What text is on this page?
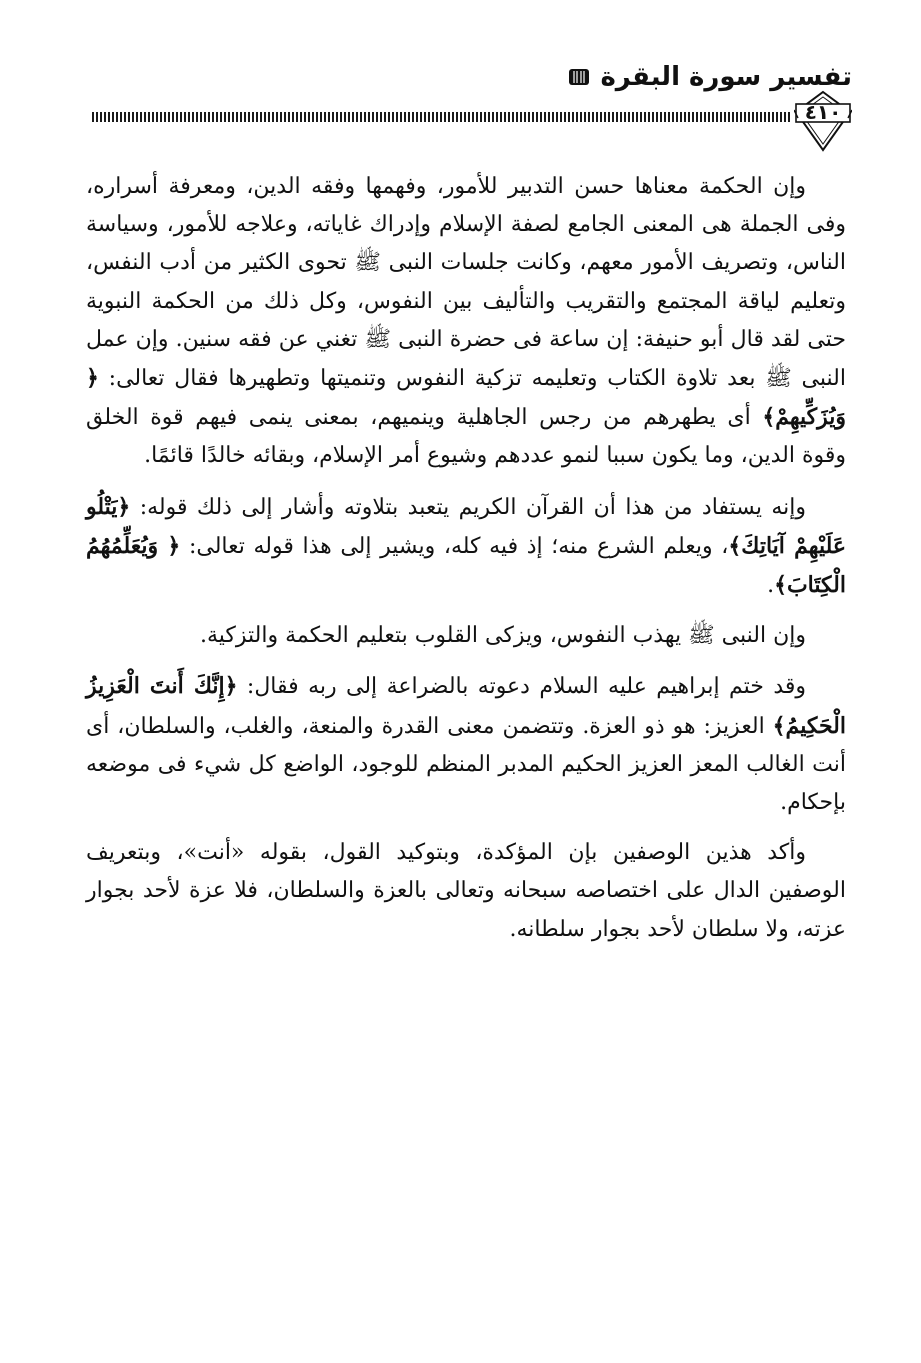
تفسير سورة البقرة
٤١٠

وإن الحكمة معناها حسن التدبير للأمور، وفهمها وفقه الدين، ومعرفة أسراره، وفى الجملة هى المعنى الجامع لصفة الإسلام وإدراك غاياته، وعلاجه للأمور، وسياسة الناس، وتصريف الأمور معهم، وكانت جلسات النبى ﷺ تحوى الكثير من أدب النفس، وتعليم لياقة المجتمع والتقريب والتأليف بين النفوس، وكل ذلك من الحكمة النبوية حتى لقد قال أبو حنيفة: إن ساعة فى حضرة النبى ﷺ تغني عن فقه سنين. وإن عمل النبى ﷺ بعد تلاوة الكتاب وتعليمه تزكية النفوس وتنميتها وتطهيرها فقال تعالى: ﴿ وَيُزَكِّيهِمْ﴾ أى يطهرهم من رجس الجاهلية وينميهم، بمعنى ينمى فيهم قوة الخلق وقوة الدين، وما يكون سببا لنمو عددهم وشيوع أمر الإسلام، وبقائه خالدًا قائمًا.

وإنه يستفاد من هذا أن القرآن الكريم يتعبد بتلاوته وأشار إلى ذلك قوله: ﴿يَتْلُو عَلَيْهِمْ آيَاتِكَ﴾، ويعلم الشرع منه؛ إذ فيه كله، ويشير إلى هذا قوله تعالى: ﴿ وَيُعَلِّمُهُمُ الْكِتَابَ﴾.

وإن النبى ﷺ يهذب النفوس، ويزكى القلوب بتعليم الحكمة والتزكية.

وقد ختم إبراهيم عليه السلام دعوته بالضراعة إلى ربه فقال: ﴿إِنَّكَ أَنتَ الْعَزِيزُ الْحَكِيمُ﴾ العزيز: هو ذو العزة. وتتضمن معنى القدرة والمنعة، والغلب، والسلطان، أى أنت الغالب المعز العزيز الحكيم المدبر المنظم للوجود، الواضع كل شيء فى موضعه بإحكام.

وأكد هذين الوصفين بإن المؤكدة، وبتوكيد القول، بقوله «أنت»، وبتعريف الوصفين الدال على اختصاصه سبحانه وتعالى بالعزة والسلطان، فلا عزة لأحد بجوار عزته، ولا سلطان لأحد بجوار سلطانه.
